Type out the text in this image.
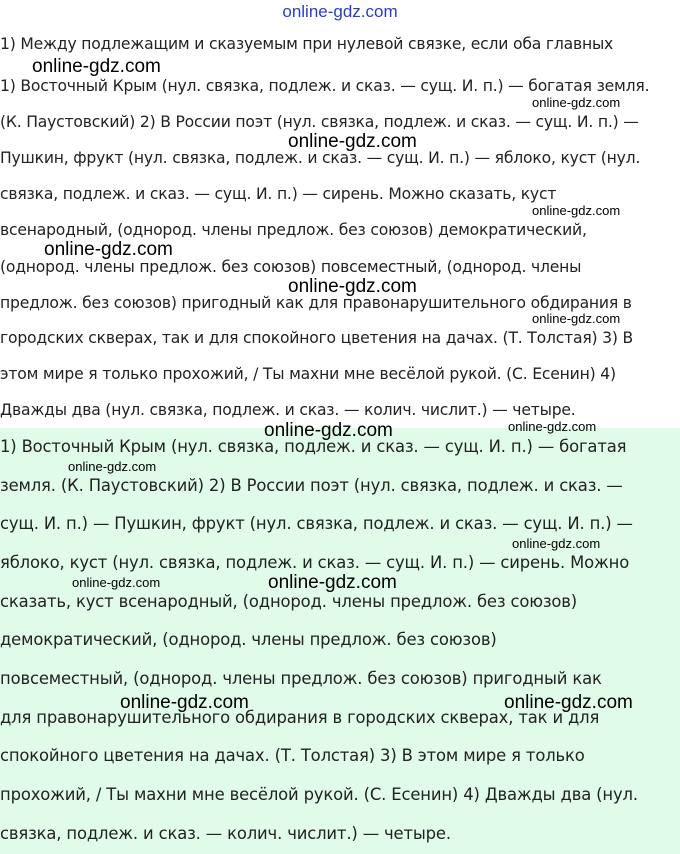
online-gdz.com
1) Между подлежащим и сказуемым при нулевой связке, если оба главных
1) Восточный Крым (нул. связка, подлеж. и сказ. — сущ. И. п.) — богатая земля.
(К. Паустовский) 2) В России поэт (нул. связка, подлеж. и сказ. — сущ. И. п.) —
Пушкин, фрукт (нул. связка, подлеж. и сказ. — сущ. И. п.) — яблоко, куст (нул.
связка, подлеж. и сказ. — сущ. И. п.) — сирень. Можно сказать, куст
всенародный, (однород. члены предлож. без союзов) демократический,
(однород. члены предлож. без союзов) повсеместный, (однород. члены
предлож. без союзов) пригодный как для правонарушительного обдирания в
городских скверах, так и для спокойного цветения на дачах. (Т. Толстая) 3) В
этом мире я только прохожий, / Ты махни мне весёлой рукой. (С. Есенин) 4)
Дважды два (нул. связка, подлеж. и сказ. — колич. числит.) — четыре.
1) Восточный Крым (нул. связка, подлеж. и сказ. — сущ. И. п.) — богатая
земля. (К. Паустовский) 2) В России поэт (нул. связка, подлеж. и сказ. —
сущ. И. п.) — Пушкин, фрукт (нул. связка, подлеж. и сказ. — сущ. И. п.) —
яблоко, куст (нул. связка, подлеж. и сказ. — сущ. И. п.) — сирень. Можно
сказать, куст всенародный, (однород. члены предлож. без союзов)
демократический, (однород. члены предлож. без союзов)
повсеместный, (однород. члены предлож. без союзов) пригодный как
для правонарушительного обдирания в городских скверах, так и для
спокойного цветения на дачах. (Т. Толстая) 3) В этом мире я только
прохожий, / Ты махни мне весёлой рукой. (С. Есенин) 4) Дважды два (нул.
связка, подлеж. и сказ. — колич. числит.) — четыре.
online-gdz.com
online-gdz.com
online-gdz.com
online-gdz.com
online-gdz.com
online-gdz.com
online-gdz.com
online-gdz.com
online-gdz.com
online-gdz.com
online-gdz.com
online-gdz.com
online-gdz.com
online-gdz.com	online-gdz.com
